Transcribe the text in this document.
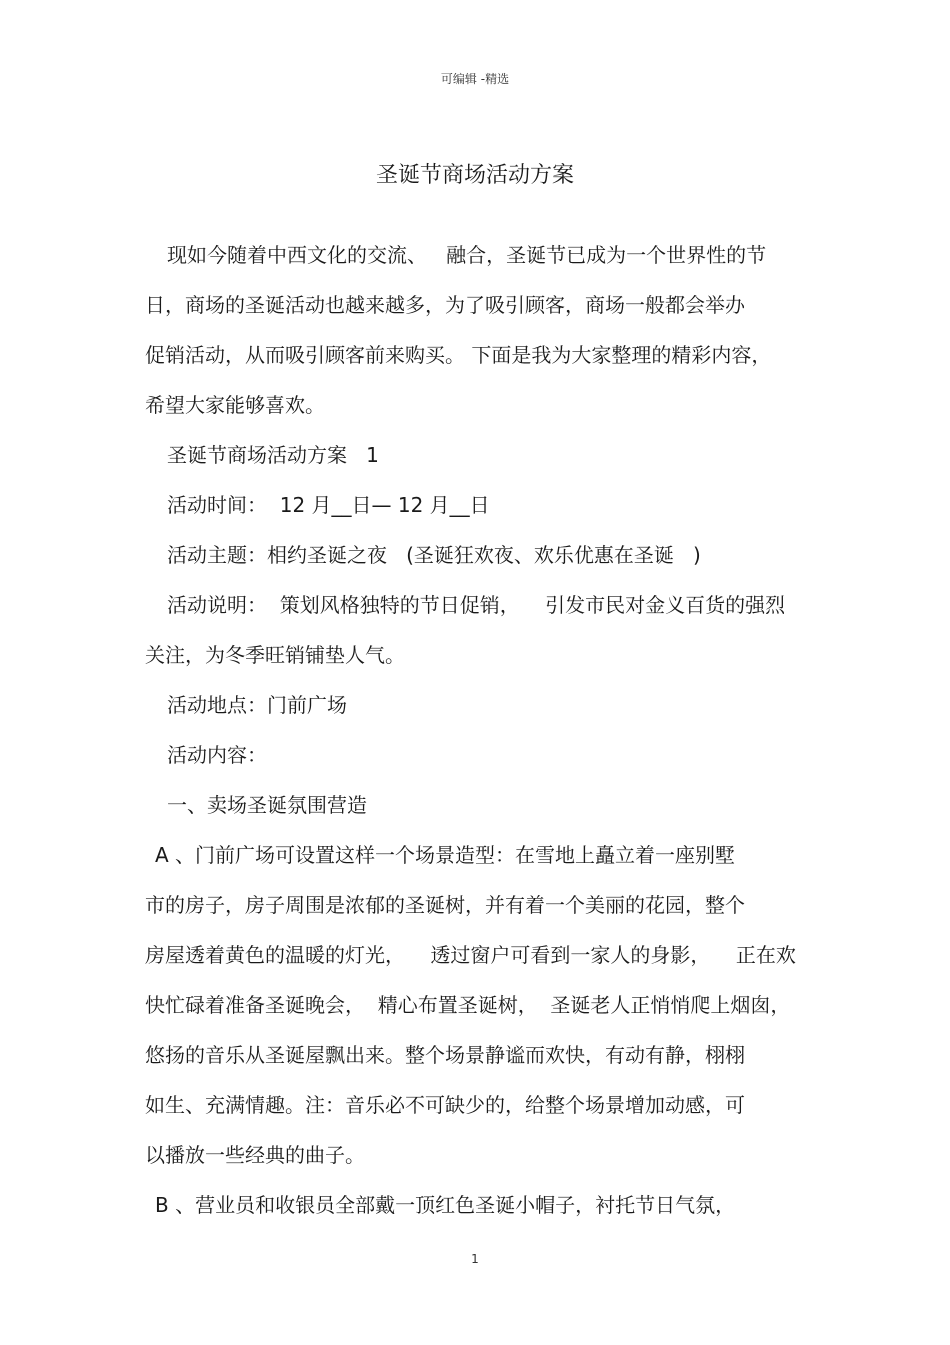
可编辑 -精选
圣诞节商场活动方案
现如今随着中西文化的交流、   融合，圣诞节已成为一个世界性的节
日，商场的圣诞活动也越来越多，为了吸引顾客，商场一般都会举办
促销活动，从而吸引顾客前来购买。 下面是我为大家整理的精彩内容，
希望大家能够喜欢。
圣诞节商场活动方案   1
活动时间：  12 月__日— 12 月__日
活动主题：相约圣诞之夜   (圣诞狂欢夜、欢乐优惠在圣诞   )
活动说明：  策划风格独特的节日促销，    引发市民对金义百货的强烈
关注，为冬季旺销铺垫人气。
活动地点：门前广场
活动内容：
一、卖场圣诞氛围营造
A 、门前广场可设置这样一个场景造型：在雪地上矗立着一座别墅
市的房子，房子周围是浓郁的圣诞树，并有着一个美丽的花园，整个
房屋透着黄色的温暖的灯光，    透过窗户可看到一家人的身影，    正在欢
快忙碌着准备圣诞晚会，  精心布置圣诞树，  圣诞老人正悄悄爬上烟囱，
悠扬的音乐从圣诞屋飘出来。整个场景静谧而欢快，有动有静，栩栩
如生、充满情趣。注：音乐必不可缺少的，给整个场景增加动感，可
以播放一些经典的曲子。
B 、营业员和收银员全部戴一顶红色圣诞小帽子，衬托节日气氛，
1
